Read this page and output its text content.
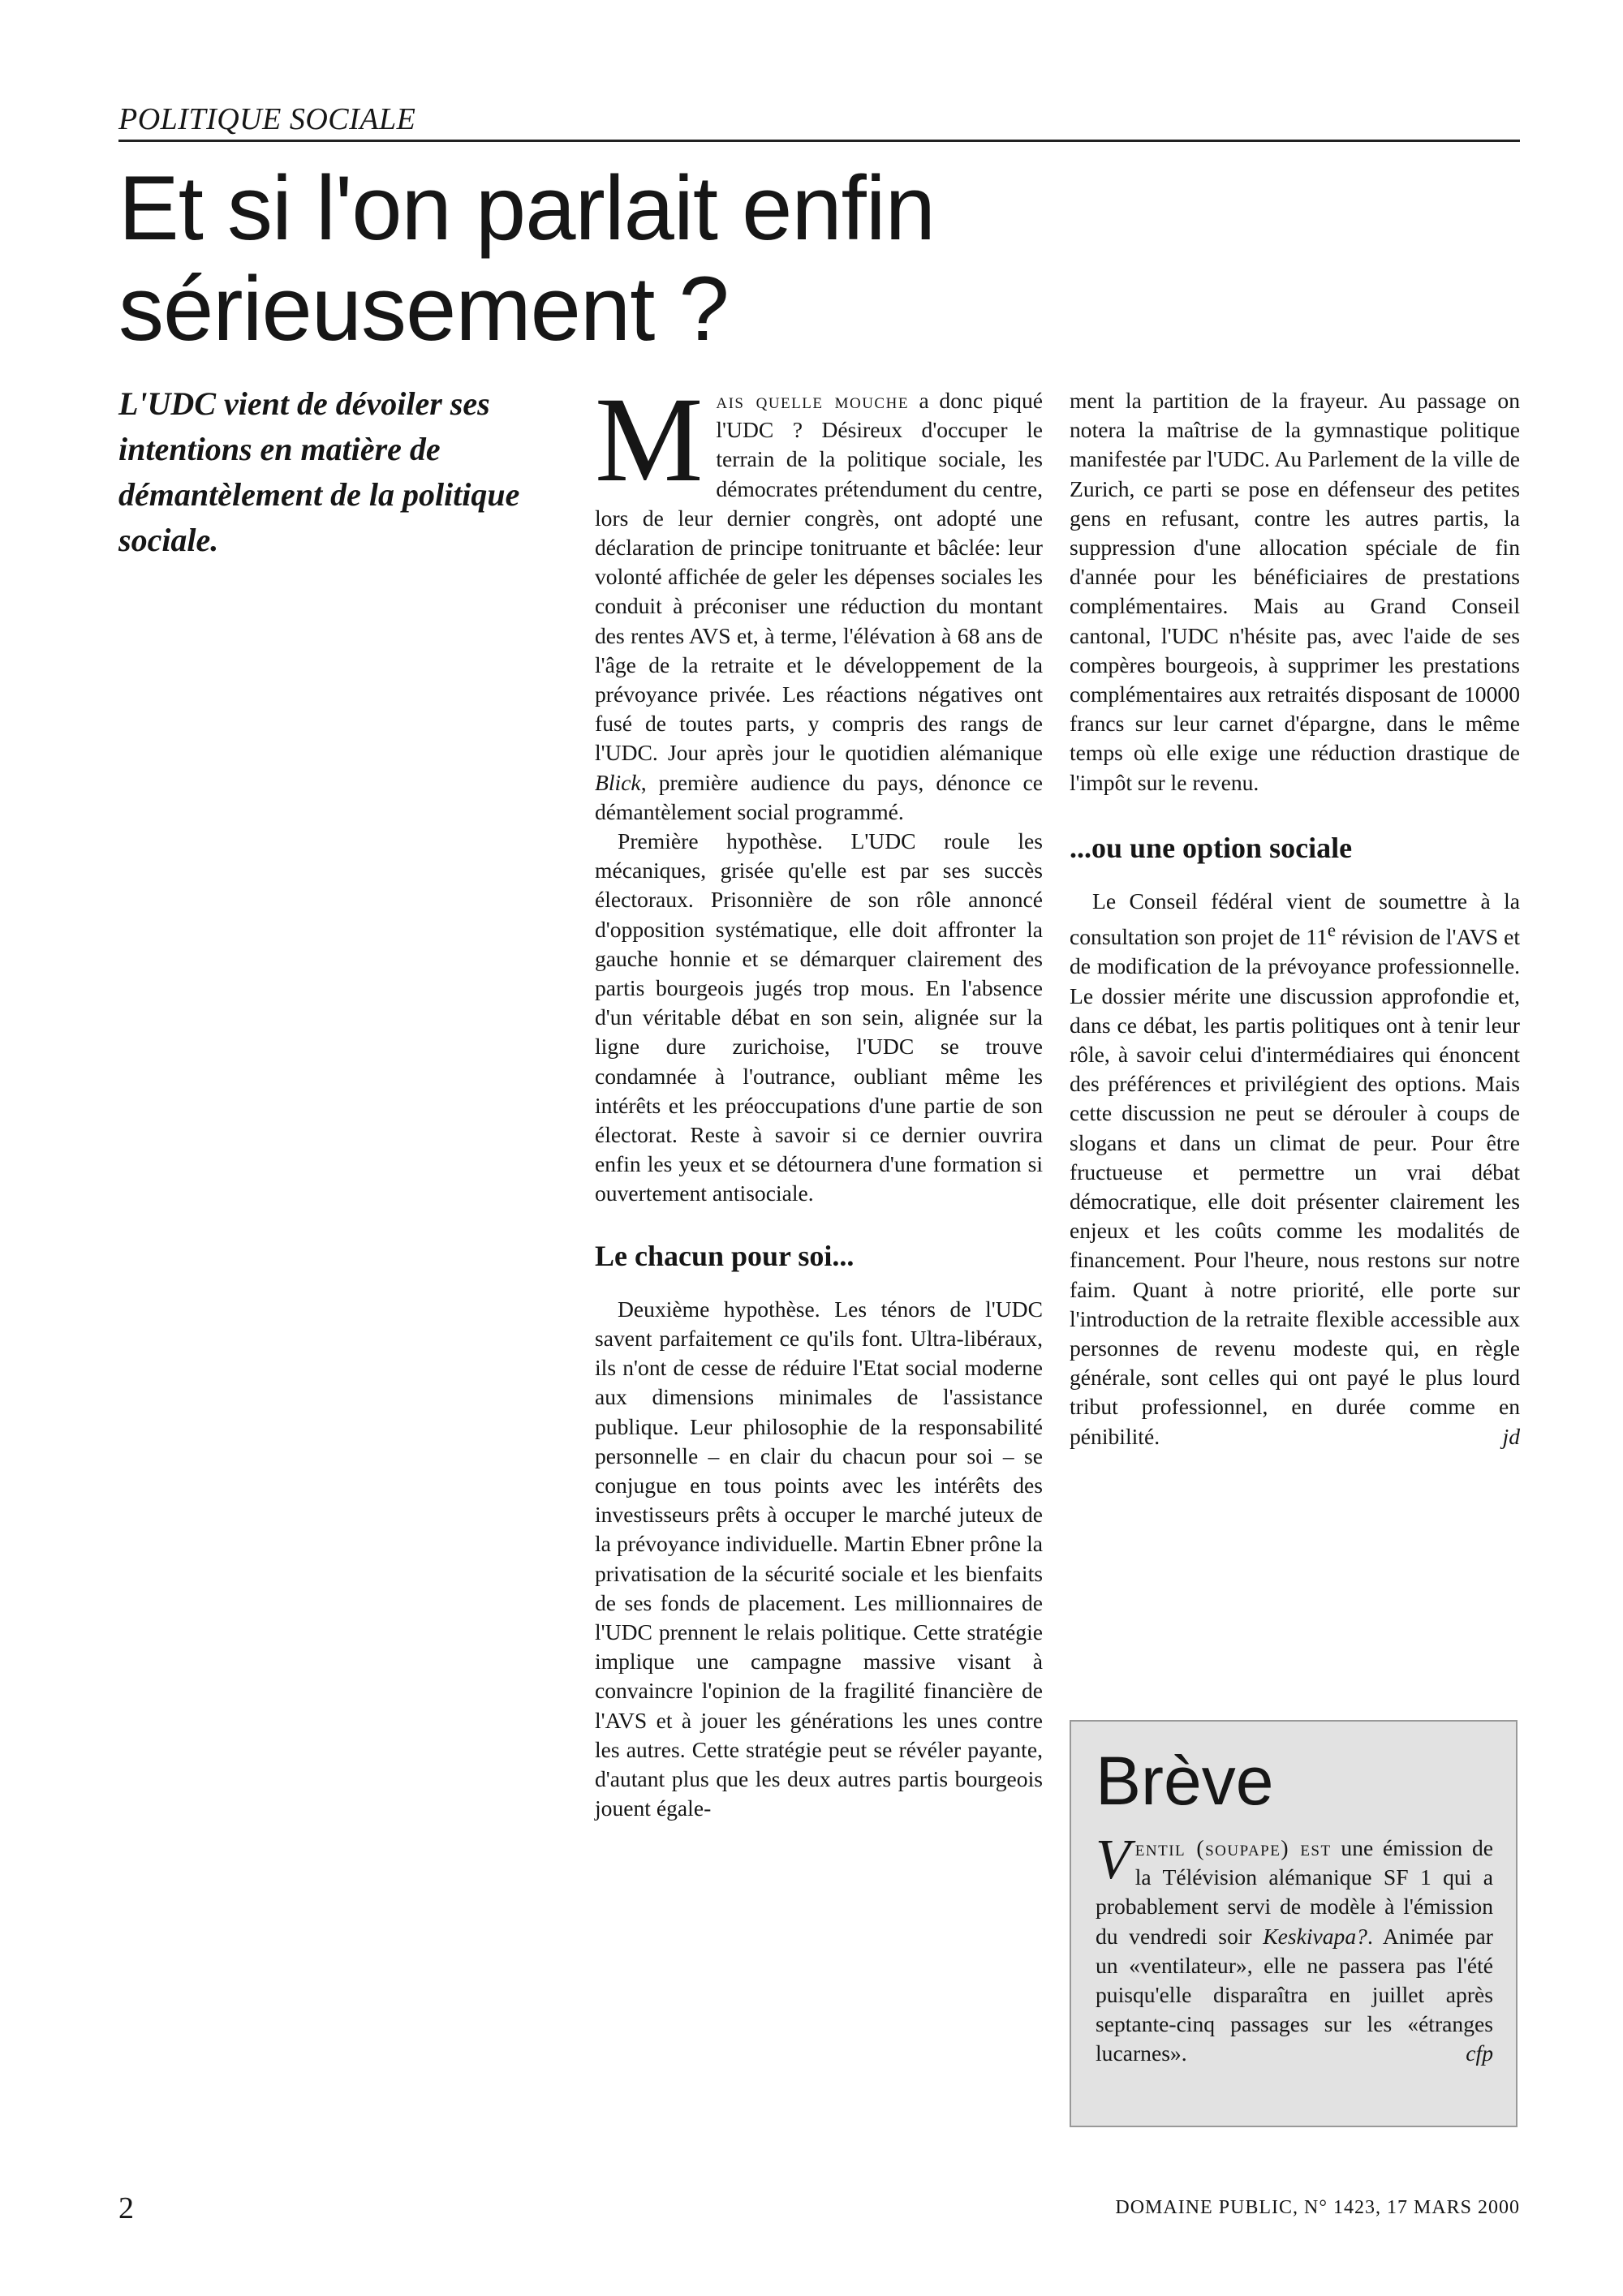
POLITIQUE SOCIALE
Et si l'on parlait enfin
sérieusement ?

L'UDC vient de dévoiler ses intentions en matière de démantèlement de la politique sociale.

Mais quelle mouche a donc piqué l'UDC ? Désireux d'occuper le terrain de la politique sociale, les démocrates prétendument du centre, lors de leur dernier congrès, ont adopté une déclaration de principe tonitruante et bâclée: leur volonté affichée de geler les dépenses sociales les conduit à préconiser une réduction du montant des rentes AVS et, à terme, l'élévation à 68 ans de l'âge de la retraite et le développement de la prévoyance privée. Les réactions négatives ont fusé de toutes parts, y compris des rangs de l'UDC. Jour après jour le quotidien alémanique Blick, première audience du pays, dénonce ce démantèlement social programmé.

Première hypothèse. L'UDC roule les mécaniques, grisée qu'elle est par ses succès électoraux. Prisonnière de son rôle annoncé d'opposition systématique, elle doit affronter la gauche honnie et se démarquer clairement des partis bourgeois jugés trop mous. En l'absence d'un véritable débat en son sein, alignée sur la ligne dure zurichoise, l'UDC se trouve condamnée à l'outrance, oubliant même les intérêts et les préoccupations d'une partie de son électorat. Reste à savoir si ce dernier ouvrira enfin les yeux et se détournera d'une formation si ouvertement antisociale.

Le chacun pour soi...

Deuxième hypothèse. Les ténors de l'UDC savent parfaitement ce qu'ils font. Ultra-libéraux, ils n'ont de cesse de réduire l'Etat social moderne aux dimensions minimales de l'assistance publique. Leur philosophie de la responsabilité personnelle – en clair du chacun pour soi – se conjugue en tous points avec les intérêts des investisseurs prêts à occuper le marché juteux de la prévoyance individuelle. Martin Ebner prône la privatisation de la sécurité sociale et les bienfaits de ses fonds de placement. Les millionnaires de l'UDC prennent le relais politique. Cette stratégie implique une campagne massive visant à convaincre l'opinion de la fragilité financière de l'AVS et à jouer les générations les unes contre les autres. Cette stratégie peut se révéler payante, d'autant plus que les deux autres partis bourgeois jouent égale-

ment la partition de la frayeur. Au passage on notera la maîtrise de la gymnastique politique manifestée par l'UDC. Au Parlement de la ville de Zurich, ce parti se pose en défenseur des petites gens en refusant, contre les autres partis, la suppression d'une allocation spéciale de fin d'année pour les bénéficiaires de prestations complémentaires. Mais au Grand Conseil cantonal, l'UDC n'hésite pas, avec l'aide de ses compères bourgeois, à supprimer les prestations complémentaires aux retraités disposant de 10000 francs sur leur carnet d'épargne, dans le même temps où elle exige une réduction drastique de l'impôt sur le revenu.

...ou une option sociale

Le Conseil fédéral vient de soumettre à la consultation son projet de 11e révision de l'AVS et de modification de la prévoyance professionnelle. Le dossier mérite une discussion approfondie et, dans ce débat, les partis politiques ont à tenir leur rôle, à savoir celui d'intermédiaires qui énoncent des préférences et privilégient des options. Mais cette discussion ne peut se dérouler à coups de slogans et dans un climat de peur. Pour être fructueuse et permettre un vrai débat démocratique, elle doit présenter clairement les enjeux et les coûts comme les modalités de financement. Pour l'heure, nous restons sur notre faim. Quant à notre priorité, elle porte sur l'introduction de la retraite flexible accessible aux personnes de revenu modeste qui, en règle générale, sont celles qui ont payé le plus lourd tribut professionnel, en durée comme en pénibilité.	jd

Brève
Ventil (soupape) est une émission de la Télévision alémanique SF 1 qui a probablement servi de modèle à l'émission du vendredi soir Keskivapa?. Animée par un «ventilateur», elle ne passera pas l'été puisqu'elle disparaîtra en juillet après septante-cinq passages sur les «étranges lucarnes».	cfp
2	DOMAINE PUBLIC, N° 1423, 17 MARS 2000
